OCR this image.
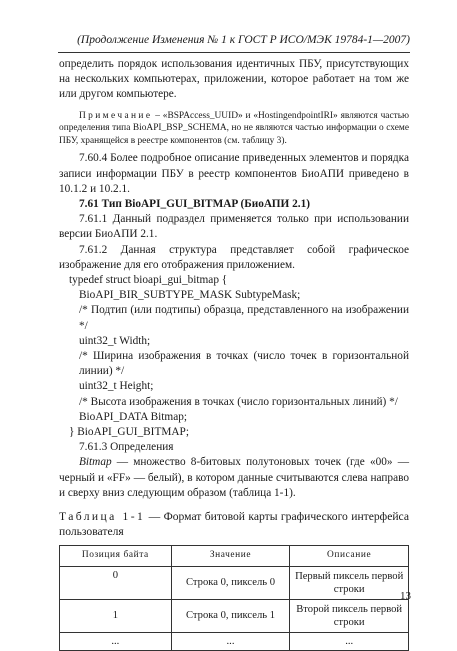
(Продолжение Изменения № 1 к ГОСТ Р ИСО/МЭК 19784-1—2007)

определить порядок использования идентичных ПБУ, присутствующих на нескольких компьютерах, приложении, которое работает на том же или другом компьютере.

Примечание – «BSPAccess_UUID» и «HostingendpointIRI» являются частью определения типа BioAPI_BSP_SCHEMA, но не являются частью информации о схеме ПБУ, хранящейся в реестре компонентов (см. таблицу 3).

7.60.4 Более подробное описание приведенных элементов и порядка записи информации ПБУ в реестр компонентов БиоАПИ приведено в 10.1.2 и 10.2.1.

7.61 Тип BioAPI_GUI_BITMAP (БиоАПИ 2.1)

7.61.1 Данный подраздел применяется только при использовании версии БиоАПИ 2.1.

7.61.2 Данная структура представляет собой графическое изображение для его отображения приложением.

typedef struct bioapi_gui_bitmap {

BioAPI_BIR_SUBTYPE_MASK SubtypeMask;

/* Подтип (или подтипы) образца, представленного на изображении */

uint32_t Width;

/* Ширина изображения в точках (число точек в горизонтальной линии) */

uint32_t Height;

/* Высота изображения в точках (число горизонтальных линий) */

BioAPI_DATA Bitmap;

} BioAPI_GUI_BITMAP;

7.61.3 Определения

Bitmap — множество 8-битовых полутоновых точек (где «00» — черный и «FF» — белый), в котором данные считываются слева направо и сверху вниз следующим образом (таблица 1-1).

Таблица 1-1 — Формат битовой карты графического интерфейса пользователя

Позиция байта	Значение	Описание
0	Строка 0, пиксель 0	Первый пиксель первой строки
1	Строка 0, пиксель 1	Второй пиксель первой строки
...	...	...
13
